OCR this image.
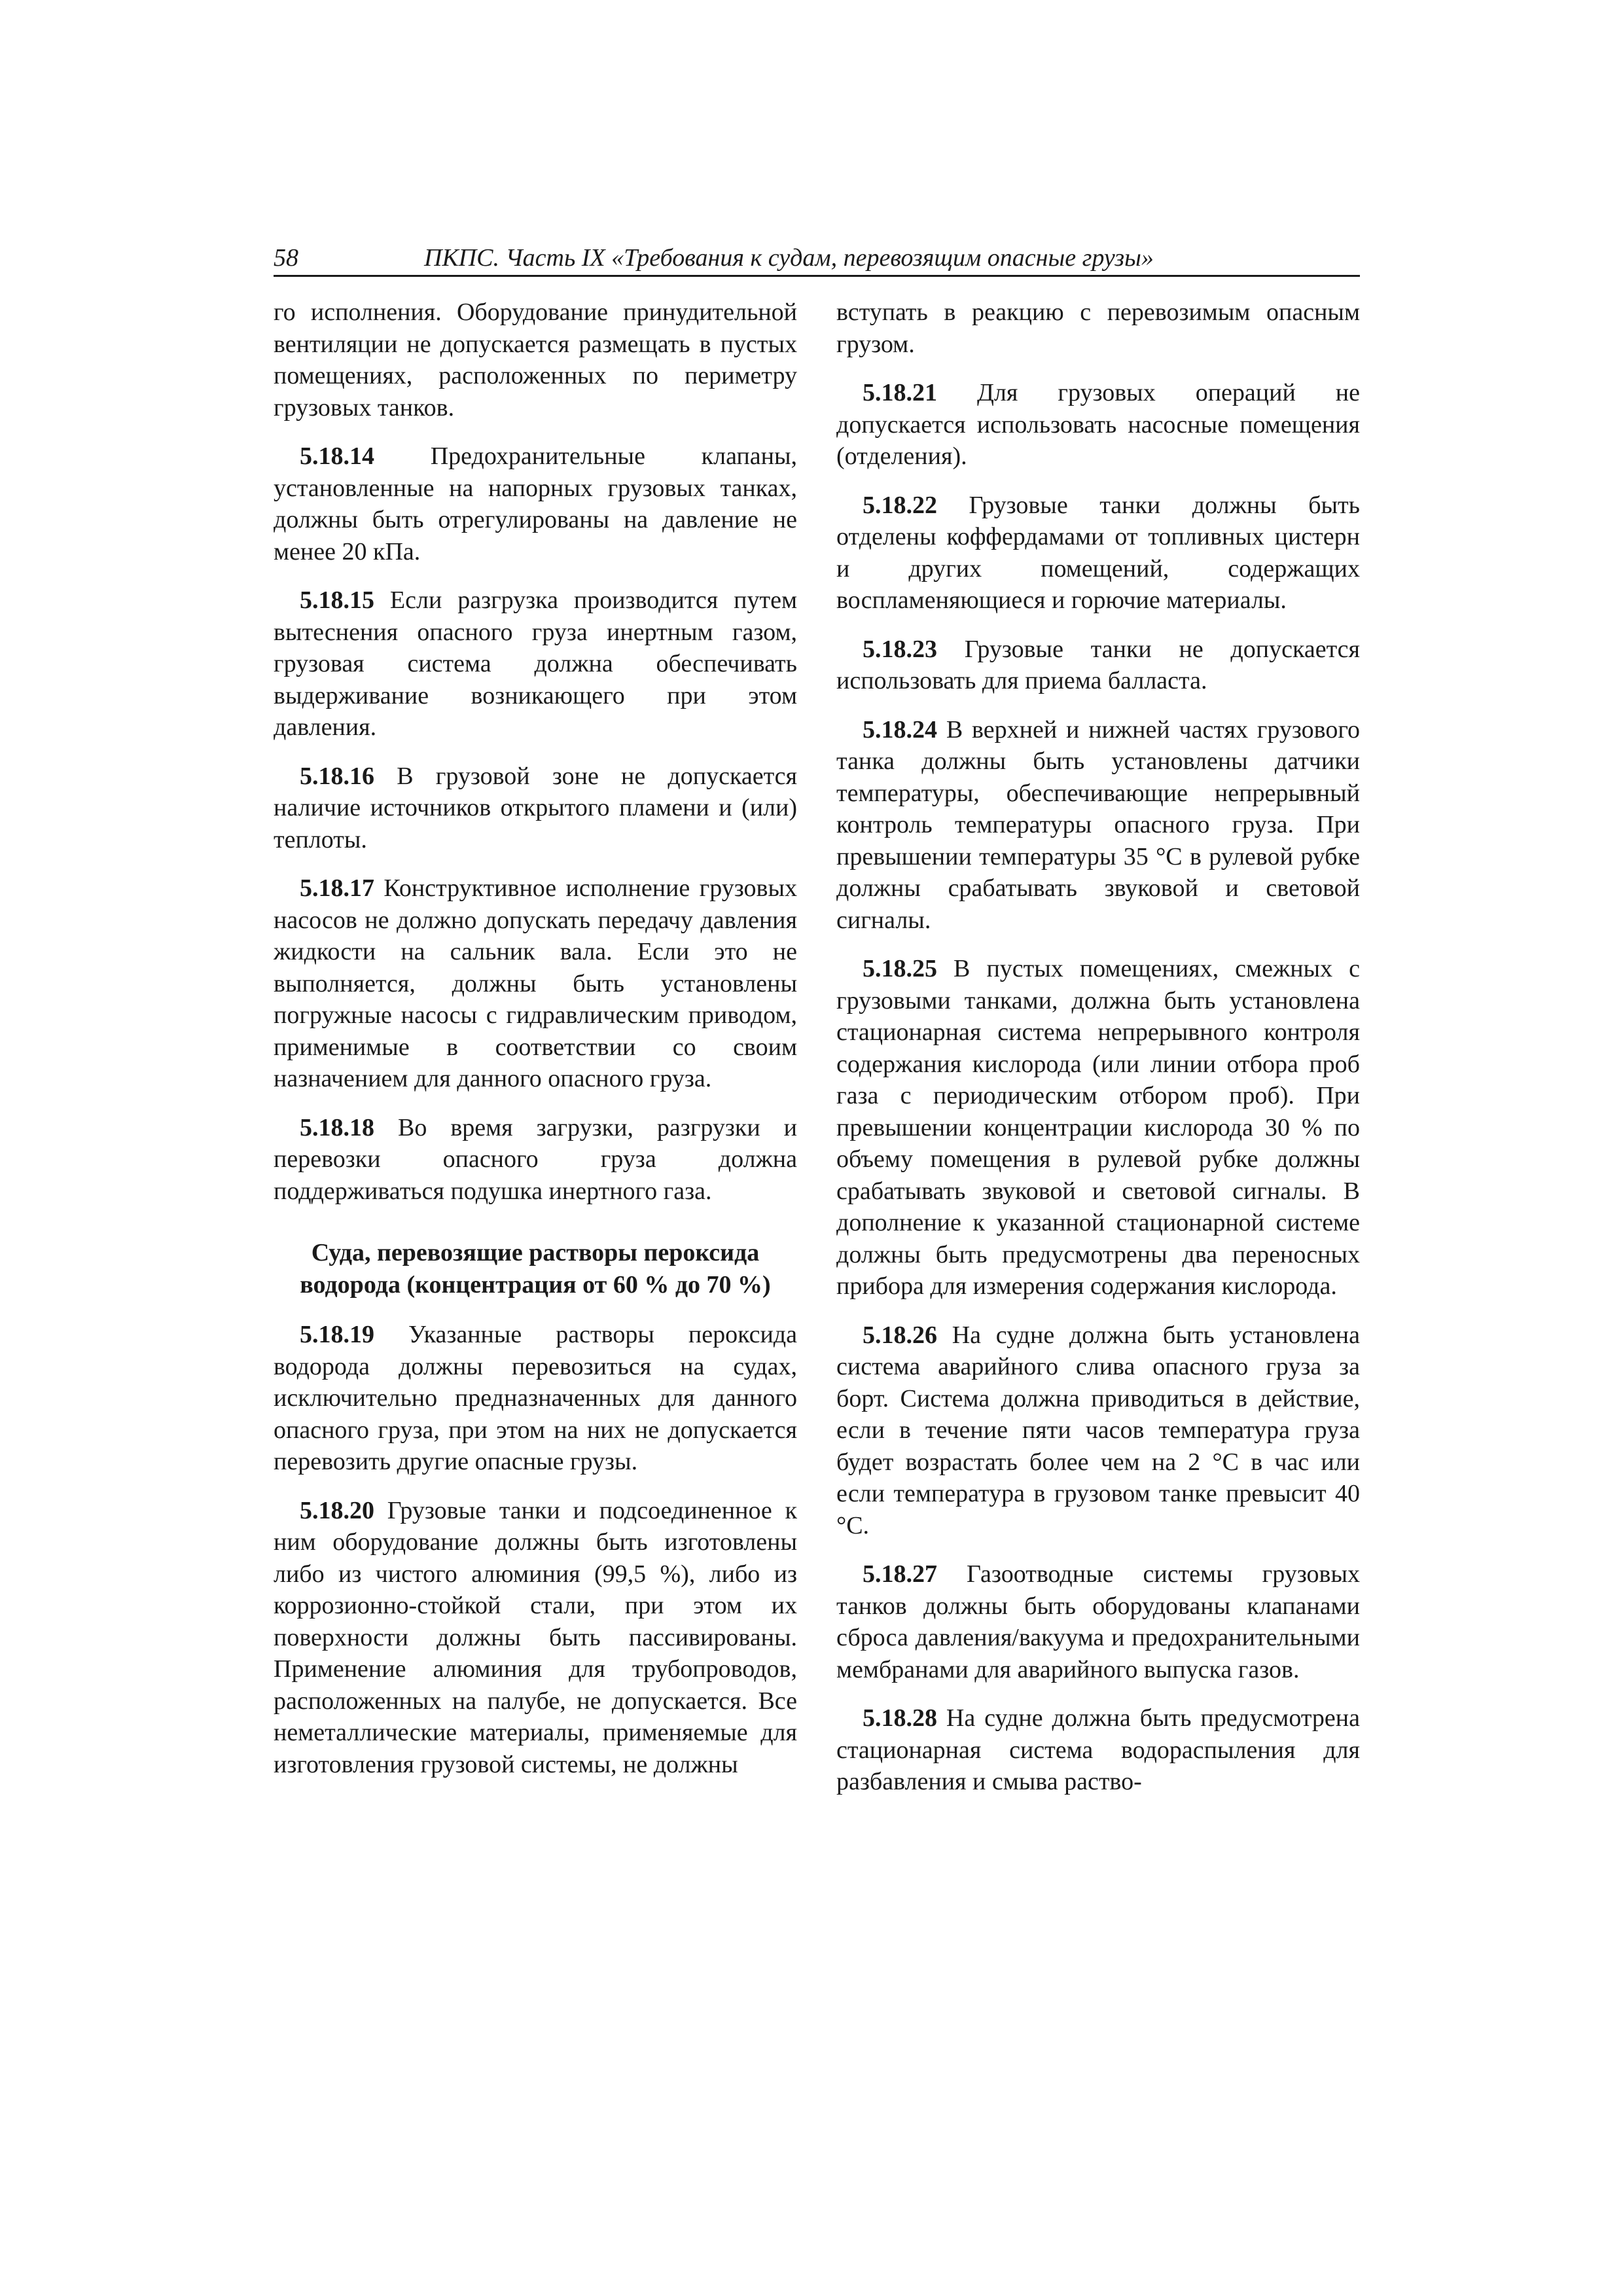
58	ПКПС. Часть IX «Требования к судам, перевозящим опасные грузы»

го исполнения. Оборудование принудительной вентиляции не допускается размещать в пустых помещениях, расположенных по периметру грузовых танков.

5.18.14 Предохранительные клапаны, установленные на напорных грузовых танках, должны быть отрегулированы на давление не менее 20 кПа.

5.18.15 Если разгрузка производится путем вытеснения опасного груза инертным газом, грузовая система должна обеспечивать выдерживание возникающего при этом давления.

5.18.16 В грузовой зоне не допускается наличие источников открытого пламени и (или) теплоты.

5.18.17 Конструктивное исполнение грузовых насосов не должно допускать передачу давления жидкости на сальник вала. Если это не выполняется, должны быть установлены погружные насосы с гидравлическим приводом, применимые в соответствии со своим назначением для данного опасного груза.

5.18.18 Во время загрузки, разгрузки и перевозки опасного груза должна поддерживаться подушка инертного газа.

Суда, перевозящие растворы пероксида
водорода (концентрация от 60 % до 70 %)

5.18.19 Указанные растворы пероксида водорода должны перевозиться на судах, исключительно предназначенных для данного опасного груза, при этом на них не допускается перевозить другие опасные грузы.

5.18.20 Грузовые танки и подсоединенное к ним оборудование должны быть изготовлены либо из чистого алюминия (99,5 %), либо из коррозионно-стойкой стали, при этом их поверхности должны быть пассивированы. Применение алюминия для трубопроводов, расположенных на палубе, не допускается. Все неметаллические материалы, применяемые для изготовления грузовой системы, не должны

вступать в реакцию с перевозимым опасным грузом.

5.18.21 Для грузовых операций не допускается использовать насосные помещения (отделения).

5.18.22 Грузовые танки должны быть отделены коффердамами от топливных цистерн и других помещений, содержащих воспламеняющиеся и горючие материалы.

5.18.23 Грузовые танки не допускается использовать для приема балласта.

5.18.24 В верхней и нижней частях грузового танка должны быть установлены датчики температуры, обеспечивающие непрерывный контроль температуры опасного груза. При превышении температуры 35 °С в рулевой рубке должны срабатывать звуковой и световой сигналы.

5.18.25 В пустых помещениях, смежных с грузовыми танками, должна быть установлена стационарная система непрерывного контроля содержания кислорода (или линии отбора проб газа с периодическим отбором проб). При превышении концентрации кислорода 30 % по объему помещения в рулевой рубке должны срабатывать звуковой и световой сигналы. В дополнение к указанной стационарной системе должны быть предусмотрены два переносных прибора для измерения содержания кислорода.

5.18.26 На судне должна быть установлена система аварийного слива опасного груза за борт. Система должна приводиться в действие, если в течение пяти часов температура груза будет возрастать более чем на 2 °С в час или если температура в грузовом танке превысит 40 °С.

5.18.27 Газоотводные системы грузовых танков должны быть оборудованы клапанами сброса давления/вакуума и предохранительными мембранами для аварийного выпуска газов.

5.18.28 На судне должна быть предусмотрена стационарная система водораспыления для разбавления и смыва раство-
